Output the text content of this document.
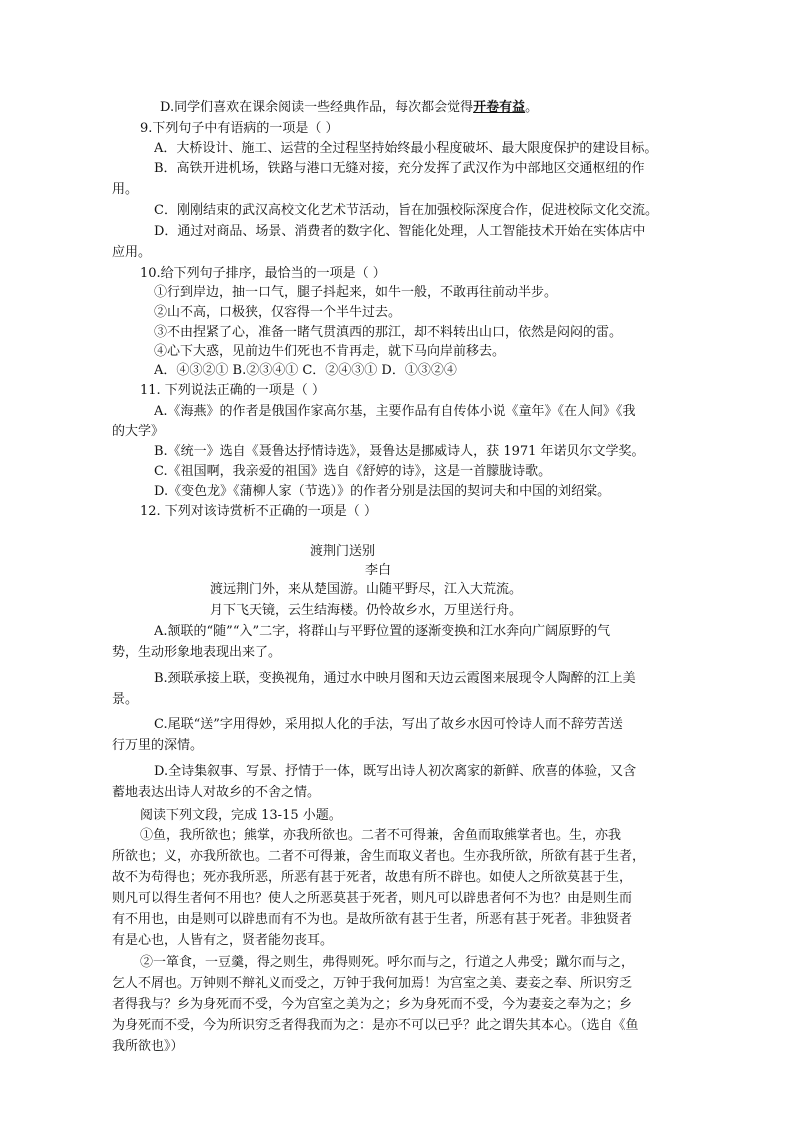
D.同学们喜欢在课余阅读一些经典作品，每次都会觉得开卷有益。
9.下列句子中有语病的一项是（ ）
A．大桥设计、施工、运营的全过程坚持始终最小程度破坏、最大限度保护的建设目标。
B．高铁开进机场，铁路与港口无缝对接，充分发挥了武汉作为中部地区交通枢纽的作
用。
C．刚刚结束的武汉高校文化艺术节活动，旨在加强校际深度合作，促进校际文化交流。
D．通过对商品、场景、消费者的数字化、智能化处理，人工智能技术开始在实体店中
应用。
10.给下列句子排序，最恰当的一项是（ ）
①行到岸边，抽一口气，腿子抖起来，如牛一般，不敢再往前动半步。
②山不高，口极狭，仅容得一个半牛过去。
③不由捏紧了心，准备一睹气贯滇西的那江，却不料转出山口，依然是闷闷的雷。
④心下大惑，见前边牛们死也不肯再走，就下马向岸前移去。
A．④③②① B.②③④① C．②④③① D．①③②④
11. 下列说法正确的一项是（ ）
A.《海燕》的作者是俄国作家高尔基，主要作品有自传体小说《童年》《在人间》《我
的大学》
B.《统一》选自《聂鲁达抒情诗选》，聂鲁达是挪威诗人，获 1971 年诺贝尔文学奖。
C.《祖国啊，我亲爱的祖国》选自《舒婷的诗》，这是一首朦胧诗歌。
D.《变色龙》《蒲柳人家（节选）》的作者分别是法国的契诃夫和中国的刘绍棠。
12. 下列对该诗赏析不正确的一项是（ ）
渡荆门送别
李白
渡远荆门外，来从楚国游。山随平野尽，江入大荒流。
月下飞天镜，云生结海楼。仍怜故乡水，万里送行舟。
A.颔联的“随”“入”二字，将群山与平野位置的逐渐变换和江水奔向广阔原野的气
势，生动形象地表现出来了。
B.颈联承接上联，变换视角，通过水中映月图和天边云霞图来展现令人陶醉的江上美
景。
C.尾联“送”字用得妙，采用拟人化的手法，写出了故乡水因可怜诗人而不辞劳苦送
行万里的深情。
D.全诗集叙事、写景、抒情于一体，既写出诗人初次离家的新鲜、欣喜的体验，又含
蓄地表达出诗人对故乡的不舍之情。
阅读下列文段，完成 13-15 小题。
①鱼，我所欲也；熊掌，亦我所欲也。二者不可得兼，舍鱼而取熊掌者也。生，亦我
所欲也；义，亦我所欲也。二者不可得兼，舍生而取义者也。生亦我所欲，所欲有甚于生者，
故不为苟得也；死亦我所恶，所恶有甚于死者，故患有所不辟也。如使人之所欲莫甚于生，
则凡可以得生者何不用也？使人之所恶莫甚于死者，则凡可以辟患者何不为也？由是则生而
有不用也，由是则可以辟患而有不为也。是故所欲有甚于生者，所恶有甚于死者。非独贤者
有是心也，人皆有之，贤者能勿丧耳。
②一箪食，一豆羹，得之则生，弗得则死。呼尔而与之，行道之人弗受；蹴尔而与之，
乞人不屑也。万钟则不辩礼义而受之，万钟于我何加焉！为宫室之美、妻妾之奉、所识穷乏
者得我与？乡为身死而不受，今为宫室之美为之；乡为身死而不受，今为妻妾之奉为之；乡
为身死而不受，今为所识穷乏者得我而为之：是亦不可以已乎？此之谓失其本心。（选自《鱼
我所欲也》）
